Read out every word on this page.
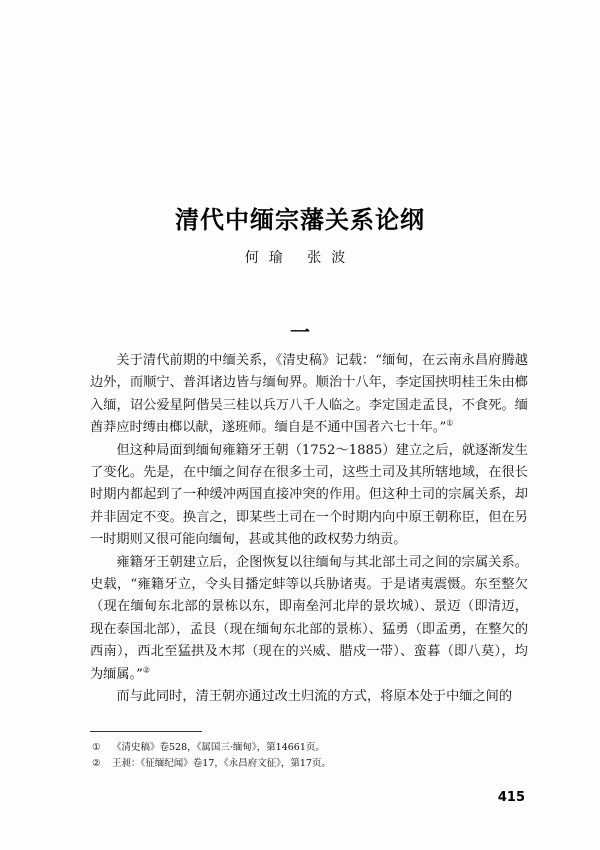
清代中缅宗藩关系论纲
何瑜 张波
一

关于清代前期的中缅关系，《清史稿》记载：“缅甸，在云南永昌府腾越边外，而顺宁、普洱诸边皆与缅甸界。顺治十八年，李定国挟明桂王朱由榔入缅，诏公爱星阿偕吴三桂以兵万八千人临之。李定国走孟艮，不食死。缅酋莽应时缚由榔以献，遂班师。缅自是不通中国者六七十年。”①

但这种局面到缅甸雍籍牙王朝（1752～1885）建立之后，就逐渐发生了变化。先是，在中缅之间存在很多土司，这些土司及其所辖地域，在很长时期内都起到了一种缓冲两国直接冲突的作用。但这种土司的宗属关系，却并非固定不变。换言之，即某些土司在一个时期内向中原王朝称臣，但在另一时期则又很可能向缅甸，甚或其他的政权势力纳贡。

雍籍牙王朝建立后，企图恢复以往缅甸与其北部土司之间的宗属关系。史载，“雍籍牙立，令头目播定蚌等以兵胁诸夷。于是诸夷震慑。东至整欠（现在缅甸东北部的景栋以东，即南垒河北岸的景坎城）、景迈（即清迈，现在泰国北部），孟艮（现在缅甸东北部的景栋）、猛勇（即孟勇，在整欠的西南），西北至猛拱及木邦（现在的兴威、腊戍一带）、蛮暮（即八莫），均为缅属。”②

而与此同时，清王朝亦通过改土归流的方式，将原本处于中缅之间的

① 《清史稿》卷528，《属国三·缅甸》，第14661页。
② 王昶：《征缅纪闻》卷17，《永昌府文征》，第17页。
415
